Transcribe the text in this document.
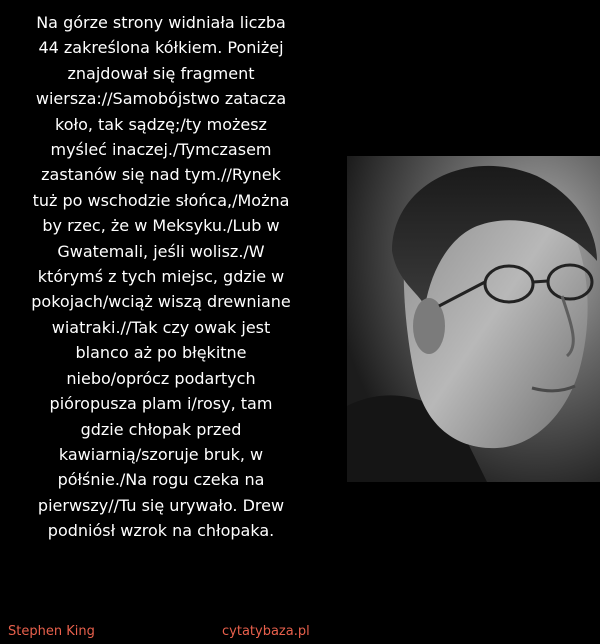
Na górze strony widniała liczba
44 zakreślona kółkiem. Poniżej
znajdował się fragment
wiersza://Samobójstwo zatacza
koło, tak sądzę;/ty możesz
myśleć inaczej./Tymczasem
zastanów się nad tym.//Rynek
tuż po wschodzie słońca,/Można
by rzec, że w Meksyku./Lub w
Gwatemali, jeśli wolisz./W
którymś z tych miejsc, gdzie w
pokojach/wciąż wiszą drewniane
wiatraki.//Tak czy owak jest
blanco aż po błękitne
niebo/oprócz podartych
pióropusza plam i/rosy, tam
gdzie chłopak przed
kawiarnią/szoruje bruk, w
półśnie./Na rogu czeka na
pierwszy//Tu się urywało. Drew
podniósł wzrok na chłopaka.
Stephen King	cytatybaza.pl
